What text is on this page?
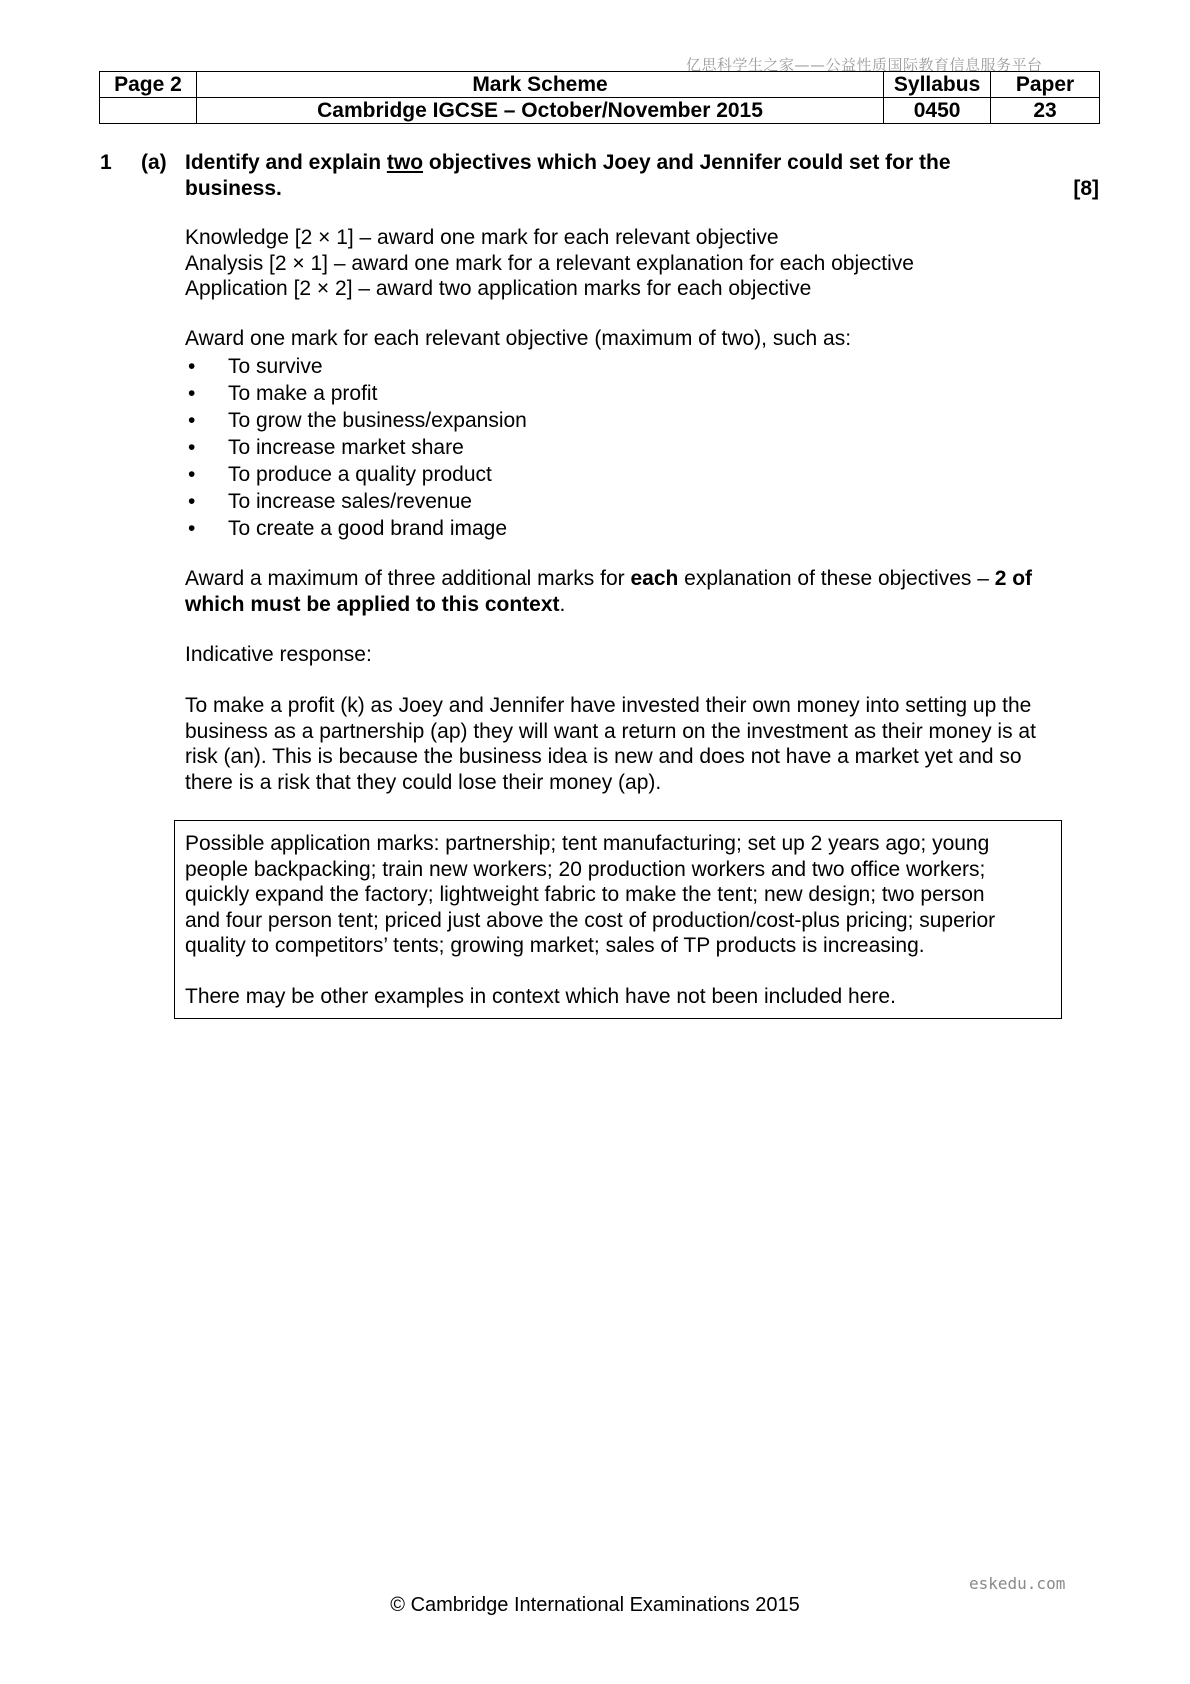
亿思科学生之家——公益性质国际教育信息服务平台
Page 2	Mark Scheme	Syllabus	Paper
	Cambridge IGCSE – October/November 2015	0450	23
1 (a) Identify and explain two objectives which Joey and Jennifer could set for the
business.	[8]
Knowledge [2 × 1] – award one mark for each relevant objective
Analysis [2 × 1] – award one mark for a relevant explanation for each objective
Application [2 × 2] – award two application marks for each objective
Award one mark for each relevant objective (maximum of two), such as:
• To survive
• To make a profit
• To grow the business/expansion
• To increase market share
• To produce a quality product
• To increase sales/revenue
• To create a good brand image
Award a maximum of three additional marks for each explanation of these objectives – 2 of
which must be applied to this context.
Indicative response:
To make a profit (k) as Joey and Jennifer have invested their own money into setting up the
business as a partnership (ap) they will want a return on the investment as their money is at
risk (an). This is because the business idea is new and does not have a market yet and so
there is a risk that they could lose their money (ap).
Possible application marks: partnership; tent manufacturing; set up 2 years ago; young
people backpacking; train new workers; 20 production workers and two office workers;
quickly expand the factory; lightweight fabric to make the tent; new design; two person
and four person tent; priced just above the cost of production/cost-plus pricing; superior
quality to competitors’ tents; growing market; sales of TP products is increasing.
There may be other examples in context which have not been included here.
eskedu.com
© Cambridge International Examinations 2015
